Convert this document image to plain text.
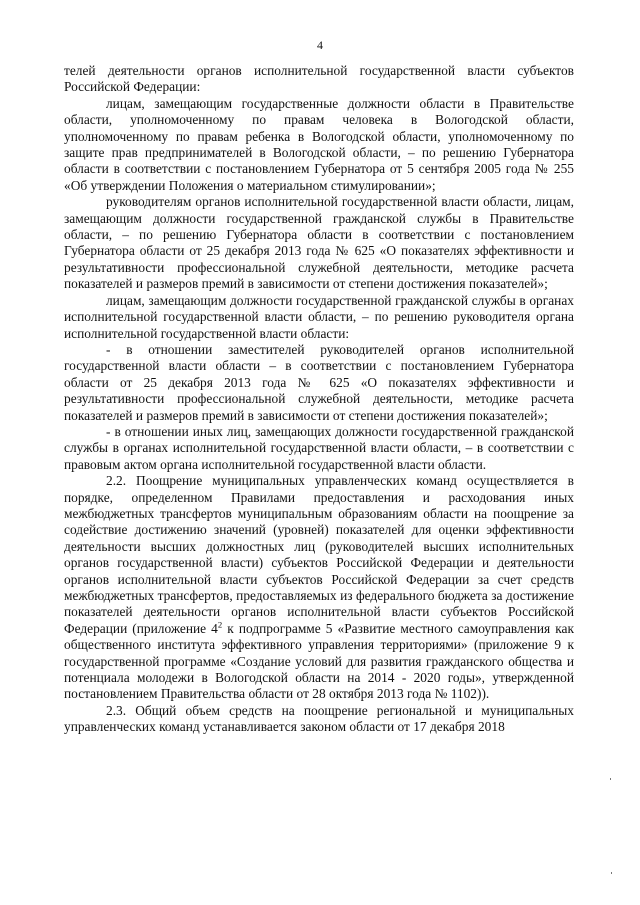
4

телей деятельности органов исполнительной государственной власти субъектов Российской Федерации:

лицам, замещающим государственные должности области в Правительстве области, уполномоченному по правам человека в Вологодской области, уполномоченному по правам ребенка в Вологодской области, уполномоченному по защите прав предпринимателей в Вологодской области, – по решению Губернатора области в соответствии с постановлением Губернатора от 5 сентября 2005 года № 255 «Об утверждении Положения о материальном стимулировании»;

руководителям органов исполнительной государственной власти области, лицам, замещающим должности государственной гражданской службы в Правительстве области, – по решению Губернатора области в соответствии с постановлением Губернатора области от 25 декабря 2013 года № 625 «О показателях эффективности и результативности профессиональной служебной деятельности, методике расчета показателей и размеров премий в зависимости от степени достижения показателей»;

лицам, замещающим должности государственной гражданской службы в органах исполнительной государственной власти области, – по решению руководителя органа исполнительной государственной власти области:

- в отношении заместителей руководителей органов исполнительной государственной власти области – в соответствии с постановлением Губернатора области от 25 декабря 2013 года № 625 «О показателях эффективности и результативности профессиональной служебной деятельности, методике расчета показателей и размеров премий в зависимости от степени достижения показателей»;

- в отношении иных лиц, замещающих должности государственной гражданской службы в органах исполнительной государственной власти области, – в соответствии с правовым актом органа исполнительной государственной власти области.

2.2. Поощрение муниципальных управленческих команд осуществляется в порядке, определенном Правилами предоставления и расходования иных межбюджетных трансфертов муниципальным образованиям области на поощрение за содействие достижению значений (уровней) показателей для оценки эффективности деятельности высших должностных лиц (руководителей высших исполнительных органов государственной власти) субъектов Российской Федерации и деятельности органов исполнительной власти субъектов Российской Федерации за счет средств межбюджетных трансфертов, предоставляемых из федерального бюджета за достижение показателей деятельности органов исполнительной власти субъектов Российской Федерации (приложение $4^2$ к подпрограмме 5 «Развитие местного самоуправления как общественного института эффективного управления территориями» (приложение 9 к государственной программе «Создание условий для развития гражданского общества и потенциала молодежи в Вологодской области на 2014 - 2020 годы», утвержденной постановлением Правительства области от 28 октября 2013 года № 1102)).

2.3. Общий объем средств на поощрение региональной и муниципальных управленческих команд устанавливается законом области от 17 декабря 2018
